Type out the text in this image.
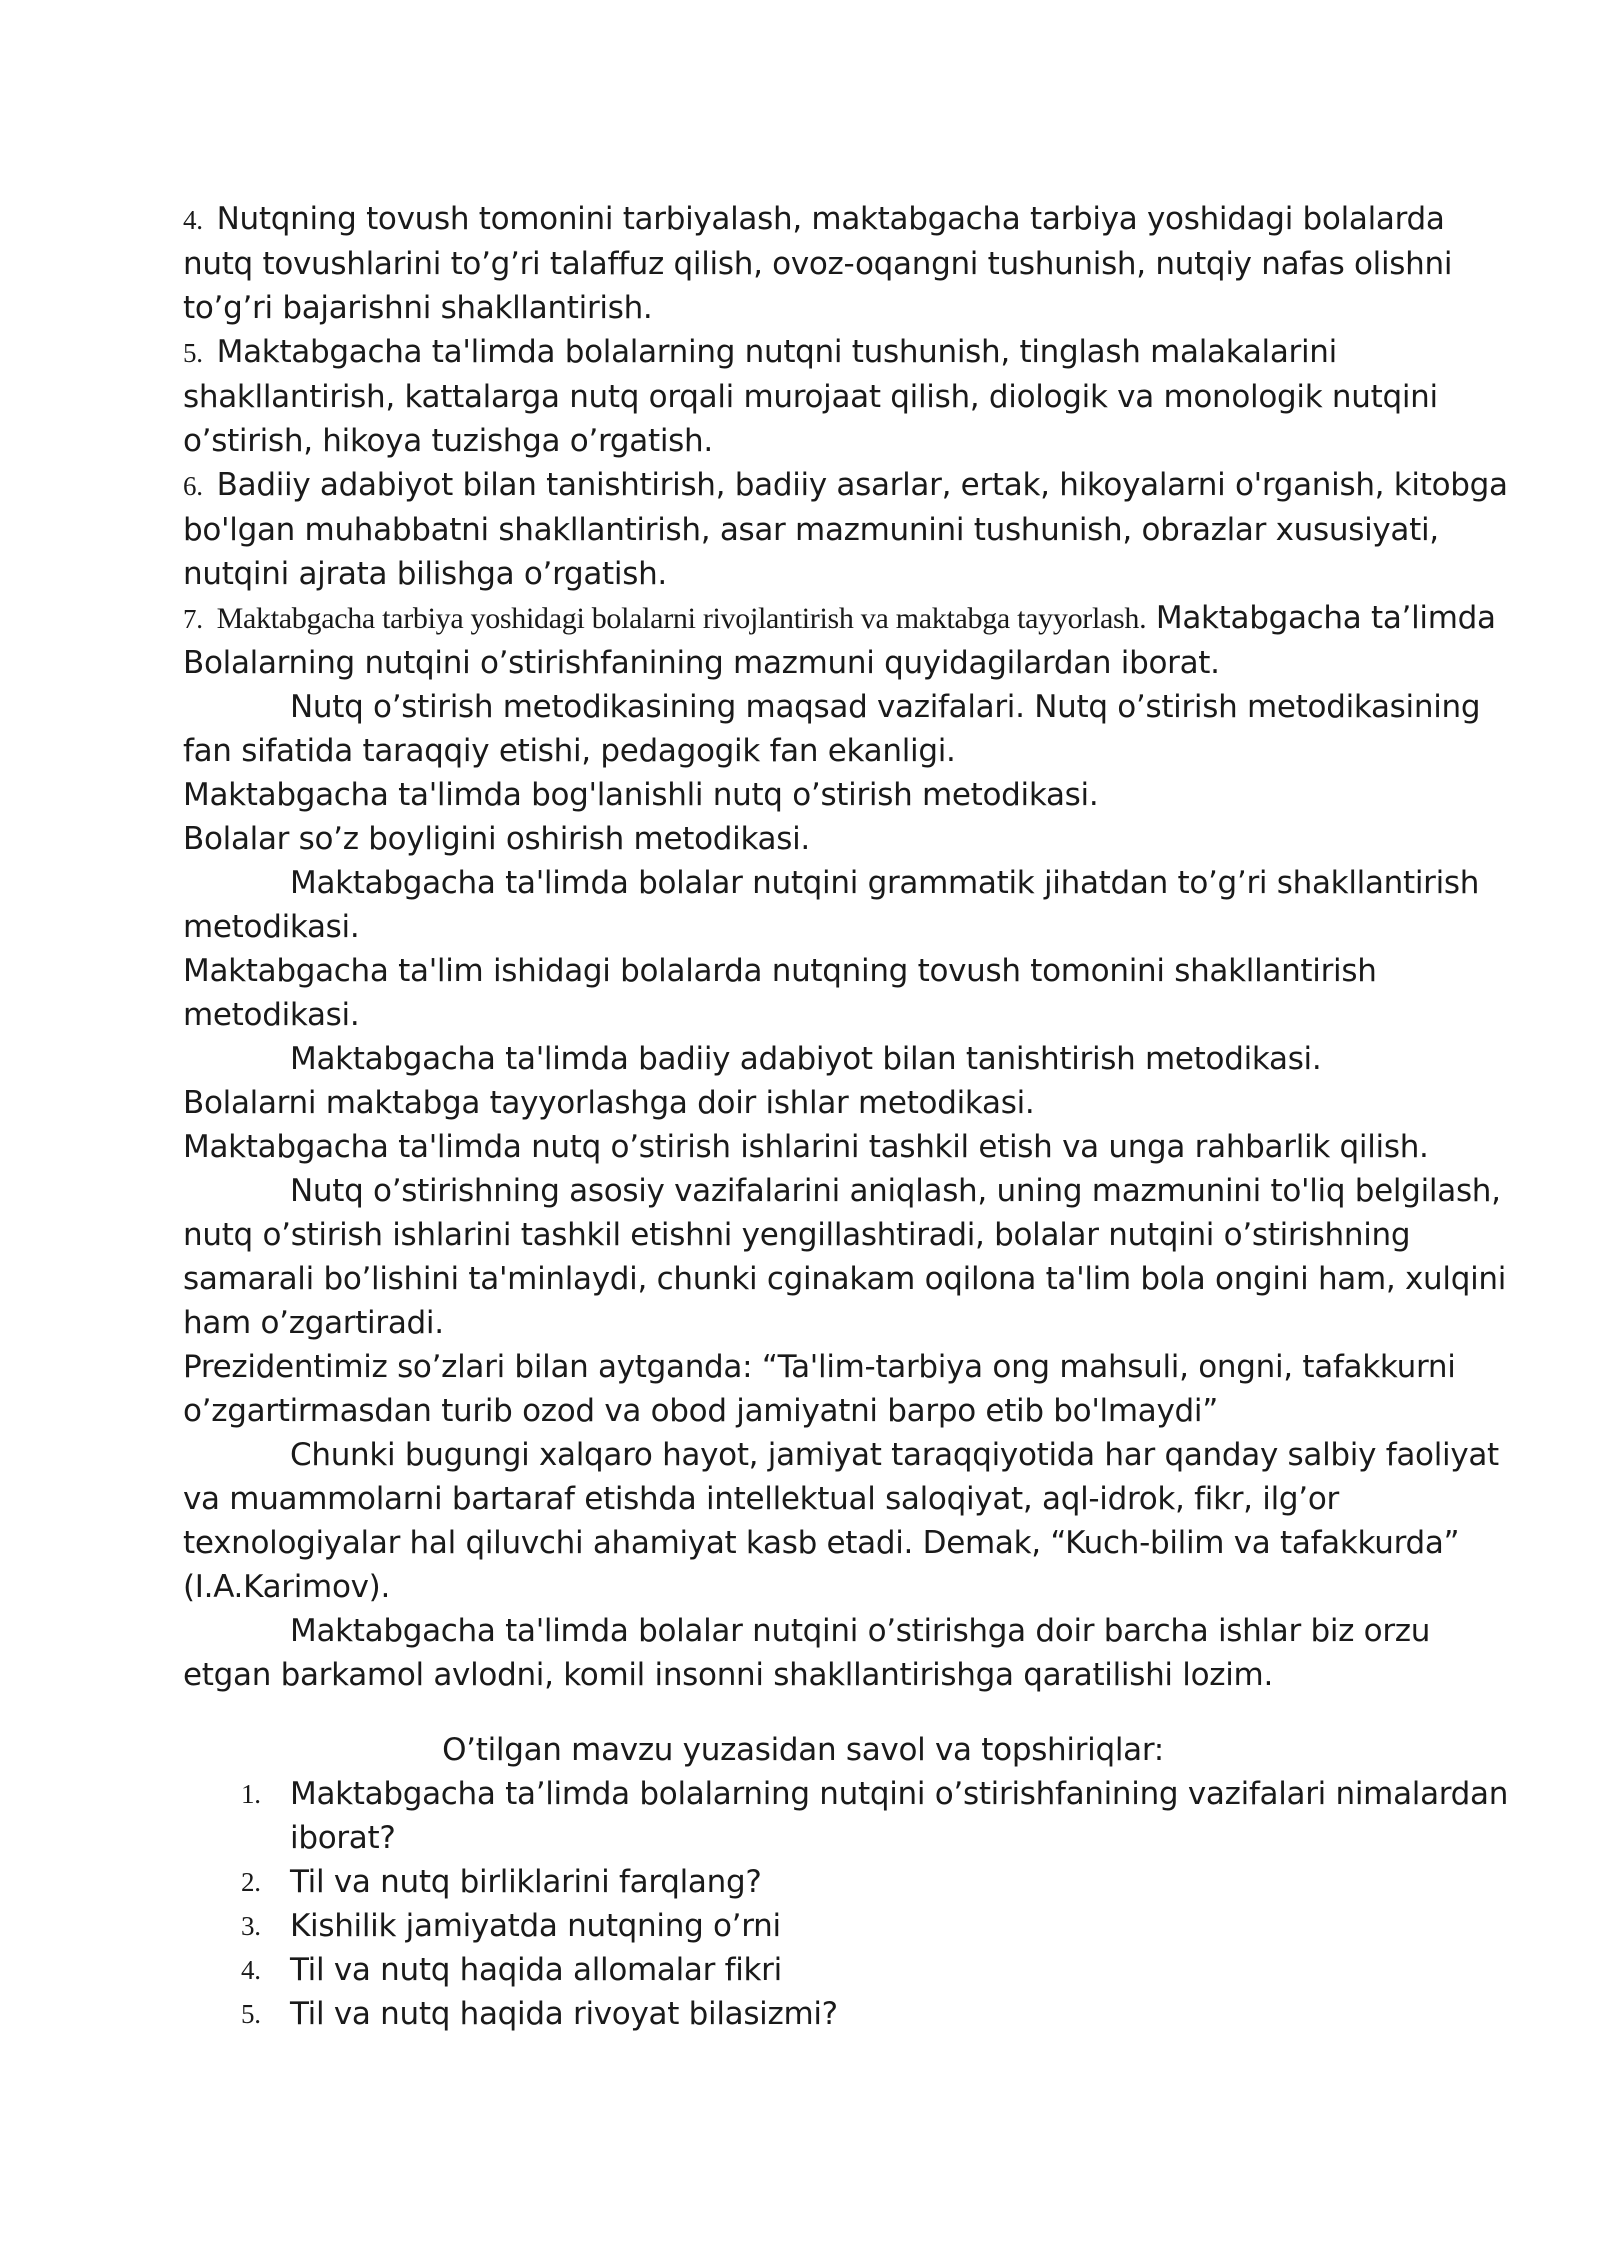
4. Nutqning tovush tomonini tarbiyalash, maktabgacha tarbiya yoshidagi bolalarda nutq tovushlarini to’g’ri talaffuz qilish, ovoz-oqangni tushunish, nutqiy nafas olishni to’g’ri bajarishni shakllantirish.

5. Maktabgacha ta'limda bolalarning nutqni tushunish, tinglash malakalarini shakllantirish, kattalarga nutq orqali murojaat qilish, diologik va monologik nutqini o’stirish, hikoya tuzishga o’rgatish.

6. Badiiy adabiyot bilan tanishtirish, badiiy asarlar, ertak, hikoyalarni o'rganish, kitobga bo'lgan muhabbatni shakllantirish, asar mazmunini tushunish, obrazlar xususiyati, nutqini ajrata bilishga o’rgatish.

7. Maktabgacha tarbiya yoshidagi bolalarni rivojlantirish va maktabga tayyorlash. Maktabgacha ta’limda Bolalarning nutqini o’stirishfanining mazmuni quyidagilardan iborat.

Nutq o’stirish metodikasining maqsad vazifalari. Nutq o’stirish metodikasining fan sifatida taraqqiy etishi, pedagogik fan ekanligi.

Maktabgacha ta'limda bog'lanishli nutq o’stirish metodikasi.

Bolalar so’z boyligini oshirish metodikasi.

Maktabgacha ta'limda bolalar nutqini grammatik jihatdan to’g’ri shakllantirish metodikasi.

Maktabgacha ta'lim ishidagi bolalarda nutqning tovush tomonini shakllantirish metodikasi.

Maktabgacha ta'limda badiiy adabiyot bilan tanishtirish metodikasi.

Bolalarni maktabga tayyorlashga doir ishlar metodikasi.

Maktabgacha ta'limda nutq o’stirish ishlarini tashkil etish va unga rahbarlik qilish.

Nutq o’stirishning asosiy vazifalarini aniqlash, uning mazmunini to'liq belgilash, nutq o’stirish ishlarini tashkil etishni yengillashtiradi, bolalar nutqini o’stirishning samarali bo’lishini ta'minlaydi, chunki cginakam oqilona ta'lim bola ongini ham, xulqini ham o’zgartiradi.

Prezidentimiz so’zlari bilan aytganda: “Ta'lim-tarbiya ong mahsuli, ongni, tafakkurni o’zgartirmasdan turib ozod va obod jamiyatni barpo etib bo'lmaydi”

Chunki bugungi xalqaro hayot, jamiyat taraqqiyotida har qanday salbiy faoliyat va muammolarni bartaraf etishda intellektual saloqiyat, aql-idrok, fikr, ilg’or texnologiyalar hal qiluvchi ahamiyat kasb etadi. Demak, “Kuch-bilim va tafakkurda” (I.A.Karimov).

Maktabgacha ta'limda bolalar nutqini o’stirishga doir barcha ishlar biz orzu etgan barkamol avlodni, komil insonni shakllantirishga qaratilishi lozim.

O’tilgan mavzu yuzasidan savol va topshiriqlar:

1. Maktabgacha ta’limda bolalarning nutqini o’stirishfanining vazifalari nimalardan iborat?
2. Til va nutq birliklarini farqlang?
3. Kishilik jamiyatda nutqning o’rni
4. Til va nutq haqida allomalar fikri
5. Til va nutq haqida rivoyat bilasizmi?
